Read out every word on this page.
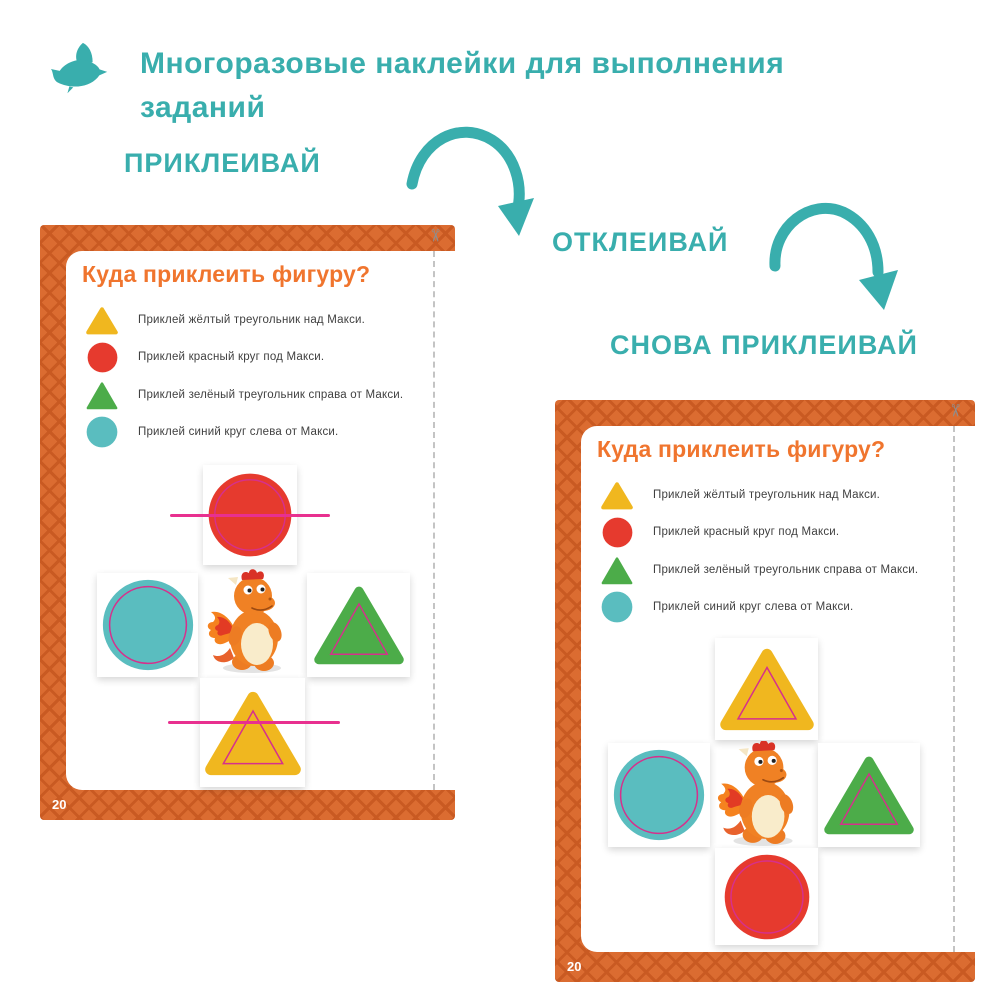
Многоразовые наклейки для выполнения
заданий
ПРИКЛЕИВАЙ
ОТКЛЕИВАЙ
СНОВА ПРИКЛЕИВАЙ
✂
Куда приклеить фигуру?
Приклей жёлтый треугольник над Макси.
Приклей красный круг под Макси.
Приклей зелёный треугольник справа от Макси.
Приклей синий круг слева от Макси.
20
✂
Куда приклеить фигуру?
Приклей жёлтый треугольник над Макси.
Приклей красный круг под Макси.
Приклей зелёный треугольник справа от Макси.
Приклей синий круг слева от Макси.
20
